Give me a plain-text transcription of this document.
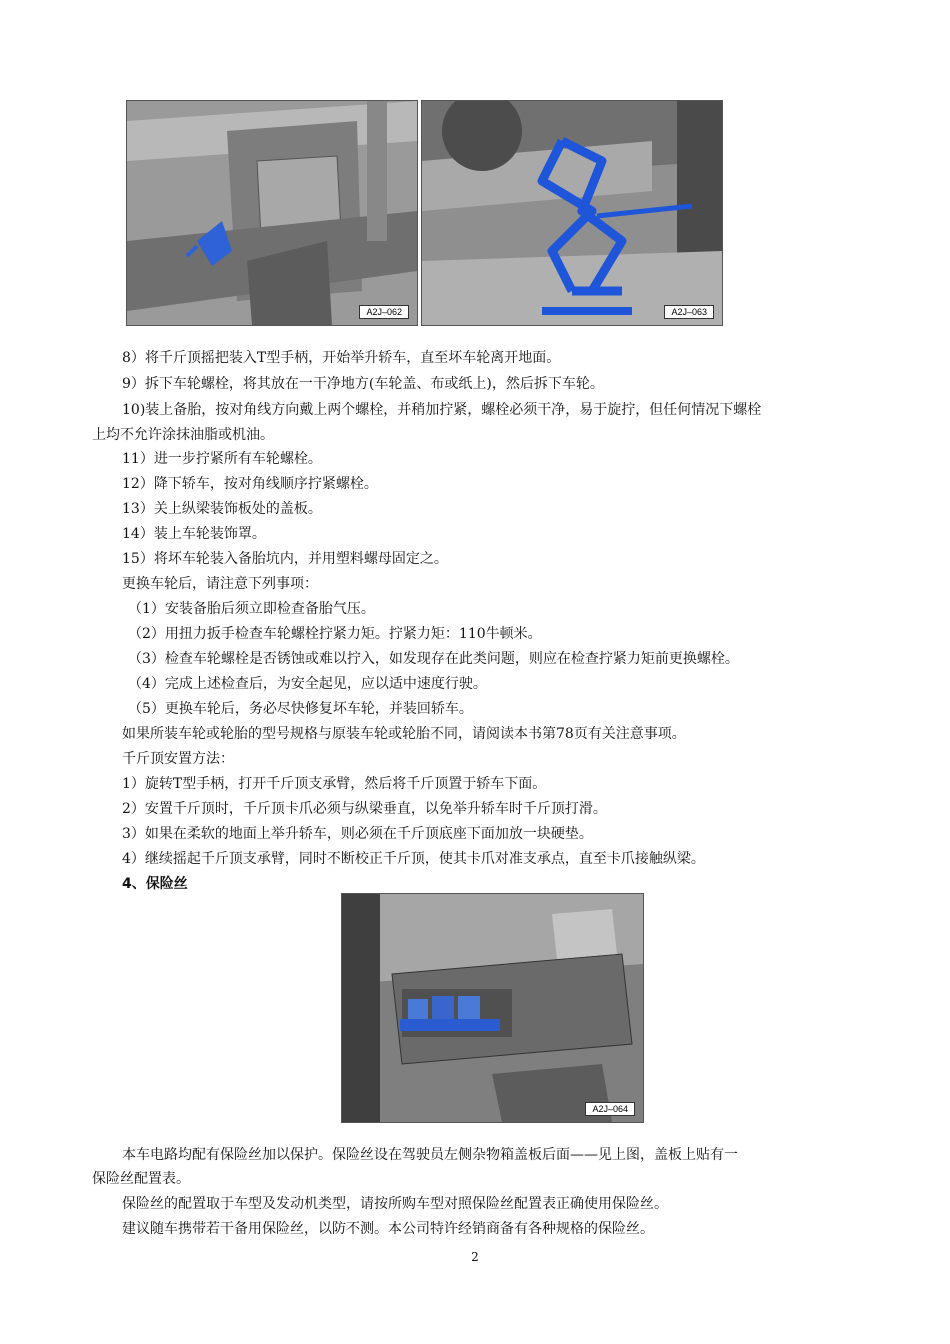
A2J–062	A2J–063
8）将千斤顶摇把装入T型手柄，开始举升轿车，直至坏车轮离开地面。
9）拆下车轮螺栓，将其放在一干净地方(车轮盖、布或纸上)，然后拆下车轮。
10)装上备胎，按对角线方向戴上两个螺栓，并稍加拧紧，螺栓必须干净，易于旋拧，但任何情况下螺栓
上均不允许涂抹油脂或机油。
11）进一步拧紧所有车轮螺栓。
12）降下轿车，按对角线顺序拧紧螺栓。
13）关上纵梁装饰板处的盖板。
14）装上车轮装饰罩。
15）将坏车轮装入备胎坑内，并用塑料螺母固定之。
更换车轮后，请注意下列事项：
（1）安装备胎后须立即检查备胎气压。
（2）用扭力扳手检查车轮螺栓拧紧力矩。拧紧力矩：110牛顿米。
（3）检查车轮螺栓是否锈蚀或难以拧入，如发现存在此类问题，则应在检查拧紧力矩前更换螺栓。
（4）完成上述检查后，为安全起见，应以适中速度行驶。
（5）更换车轮后，务必尽快修复坏车轮，并装回轿车。
如果所装车轮或轮胎的型号规格与原装车轮或轮胎不同，请阅读本书第78页有关注意事项。
千斤顶安置方法：
1）旋转T型手柄，打开千斤顶支承臂，然后将千斤顶置于轿车下面。
2）安置千斤顶时，千斤顶卡爪必须与纵梁垂直，以免举升轿车时千斤顶打滑。
3）如果在柔软的地面上举升轿车，则必须在千斤顶底座下面加放一块硬垫。
4）继续摇起千斤顶支承臂，同时不断校正千斤顶，使其卡爪对准支承点，直至卡爪接触纵梁。
4、保险丝
A2J–064
本车电路均配有保险丝加以保护。保险丝设在驾驶员左侧杂物箱盖板后面——见上图，盖板上贴有一
保险丝配置表。
保险丝的配置取于车型及发动机类型，请按所购车型对照保险丝配置表正确使用保险丝。
建议随车携带若干备用保险丝，以防不测。本公司特许经销商备有各种规格的保险丝。
2
